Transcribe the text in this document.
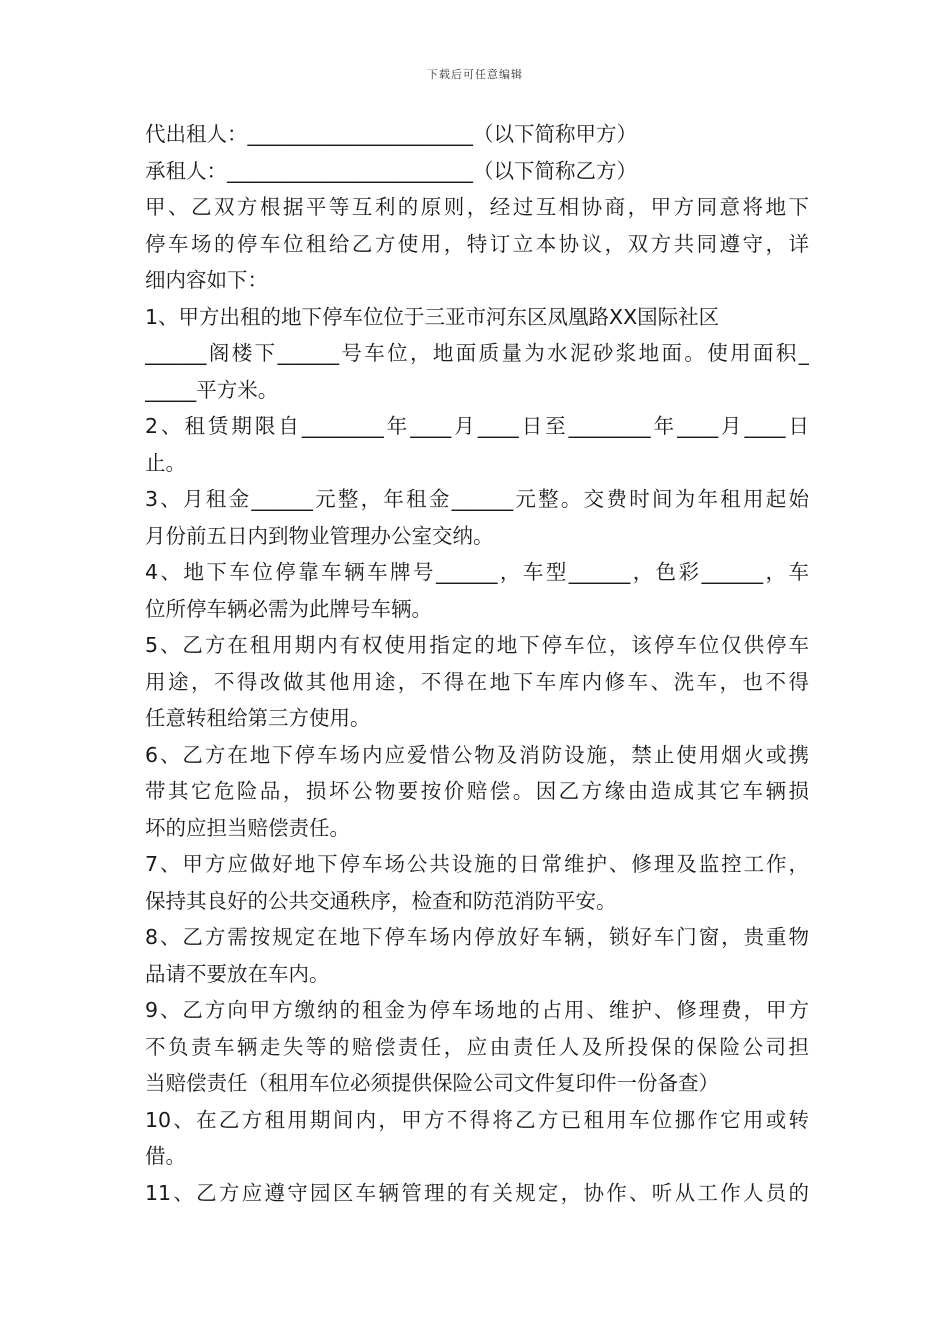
下载后可任意编辑
代出租人：______________________（以下简称甲方）
承租人：________________________（以下简称乙方）
甲、乙双方根据平等互利的原则，经过互相协商，甲方同意将地下
停车场的停车位租给乙方使用，特订立本协议，双方共同遵守，详
细内容如下：
1、甲方出租的地下停车位位于三亚市河东区凤凰路XX国际社区
______阁楼下______号车位，地面质量为水泥砂浆地面。使用面积_
_____平方米。
2、租赁期限自________年____月____日至________年____月____日
止。
3、月租金______元整，年租金______元整。交费时间为年租用起始
月份前五日内到物业管理办公室交纳。
4、地下车位停靠车辆车牌号______，车型______，色彩______，车
位所停车辆必需为此牌号车辆。
5、乙方在租用期内有权使用指定的地下停车位，该停车位仅供停车
用途，不得改做其他用途，不得在地下车库内修车、洗车，也不得
任意转租给第三方使用。
6、乙方在地下停车场内应爱惜公物及消防设施，禁止使用烟火或携
带其它危险品，损坏公物要按价赔偿。因乙方缘由造成其它车辆损
坏的应担当赔偿责任。
7、甲方应做好地下停车场公共设施的日常维护、修理及监控工作，
保持其良好的公共交通秩序，检查和防范消防平安。
8、乙方需按规定在地下停车场内停放好车辆，锁好车门窗，贵重物
品请不要放在车内。
9、乙方向甲方缴纳的租金为停车场地的占用、维护、修理费，甲方
不负责车辆走失等的赔偿责任，应由责任人及所投保的保险公司担
当赔偿责任（租用车位必须提供保险公司文件复印件一份备查）
10、在乙方租用期间内，甲方不得将乙方已租用车位挪作它用或转
借。
11、乙方应遵守园区车辆管理的有关规定，协作、听从工作人员的
